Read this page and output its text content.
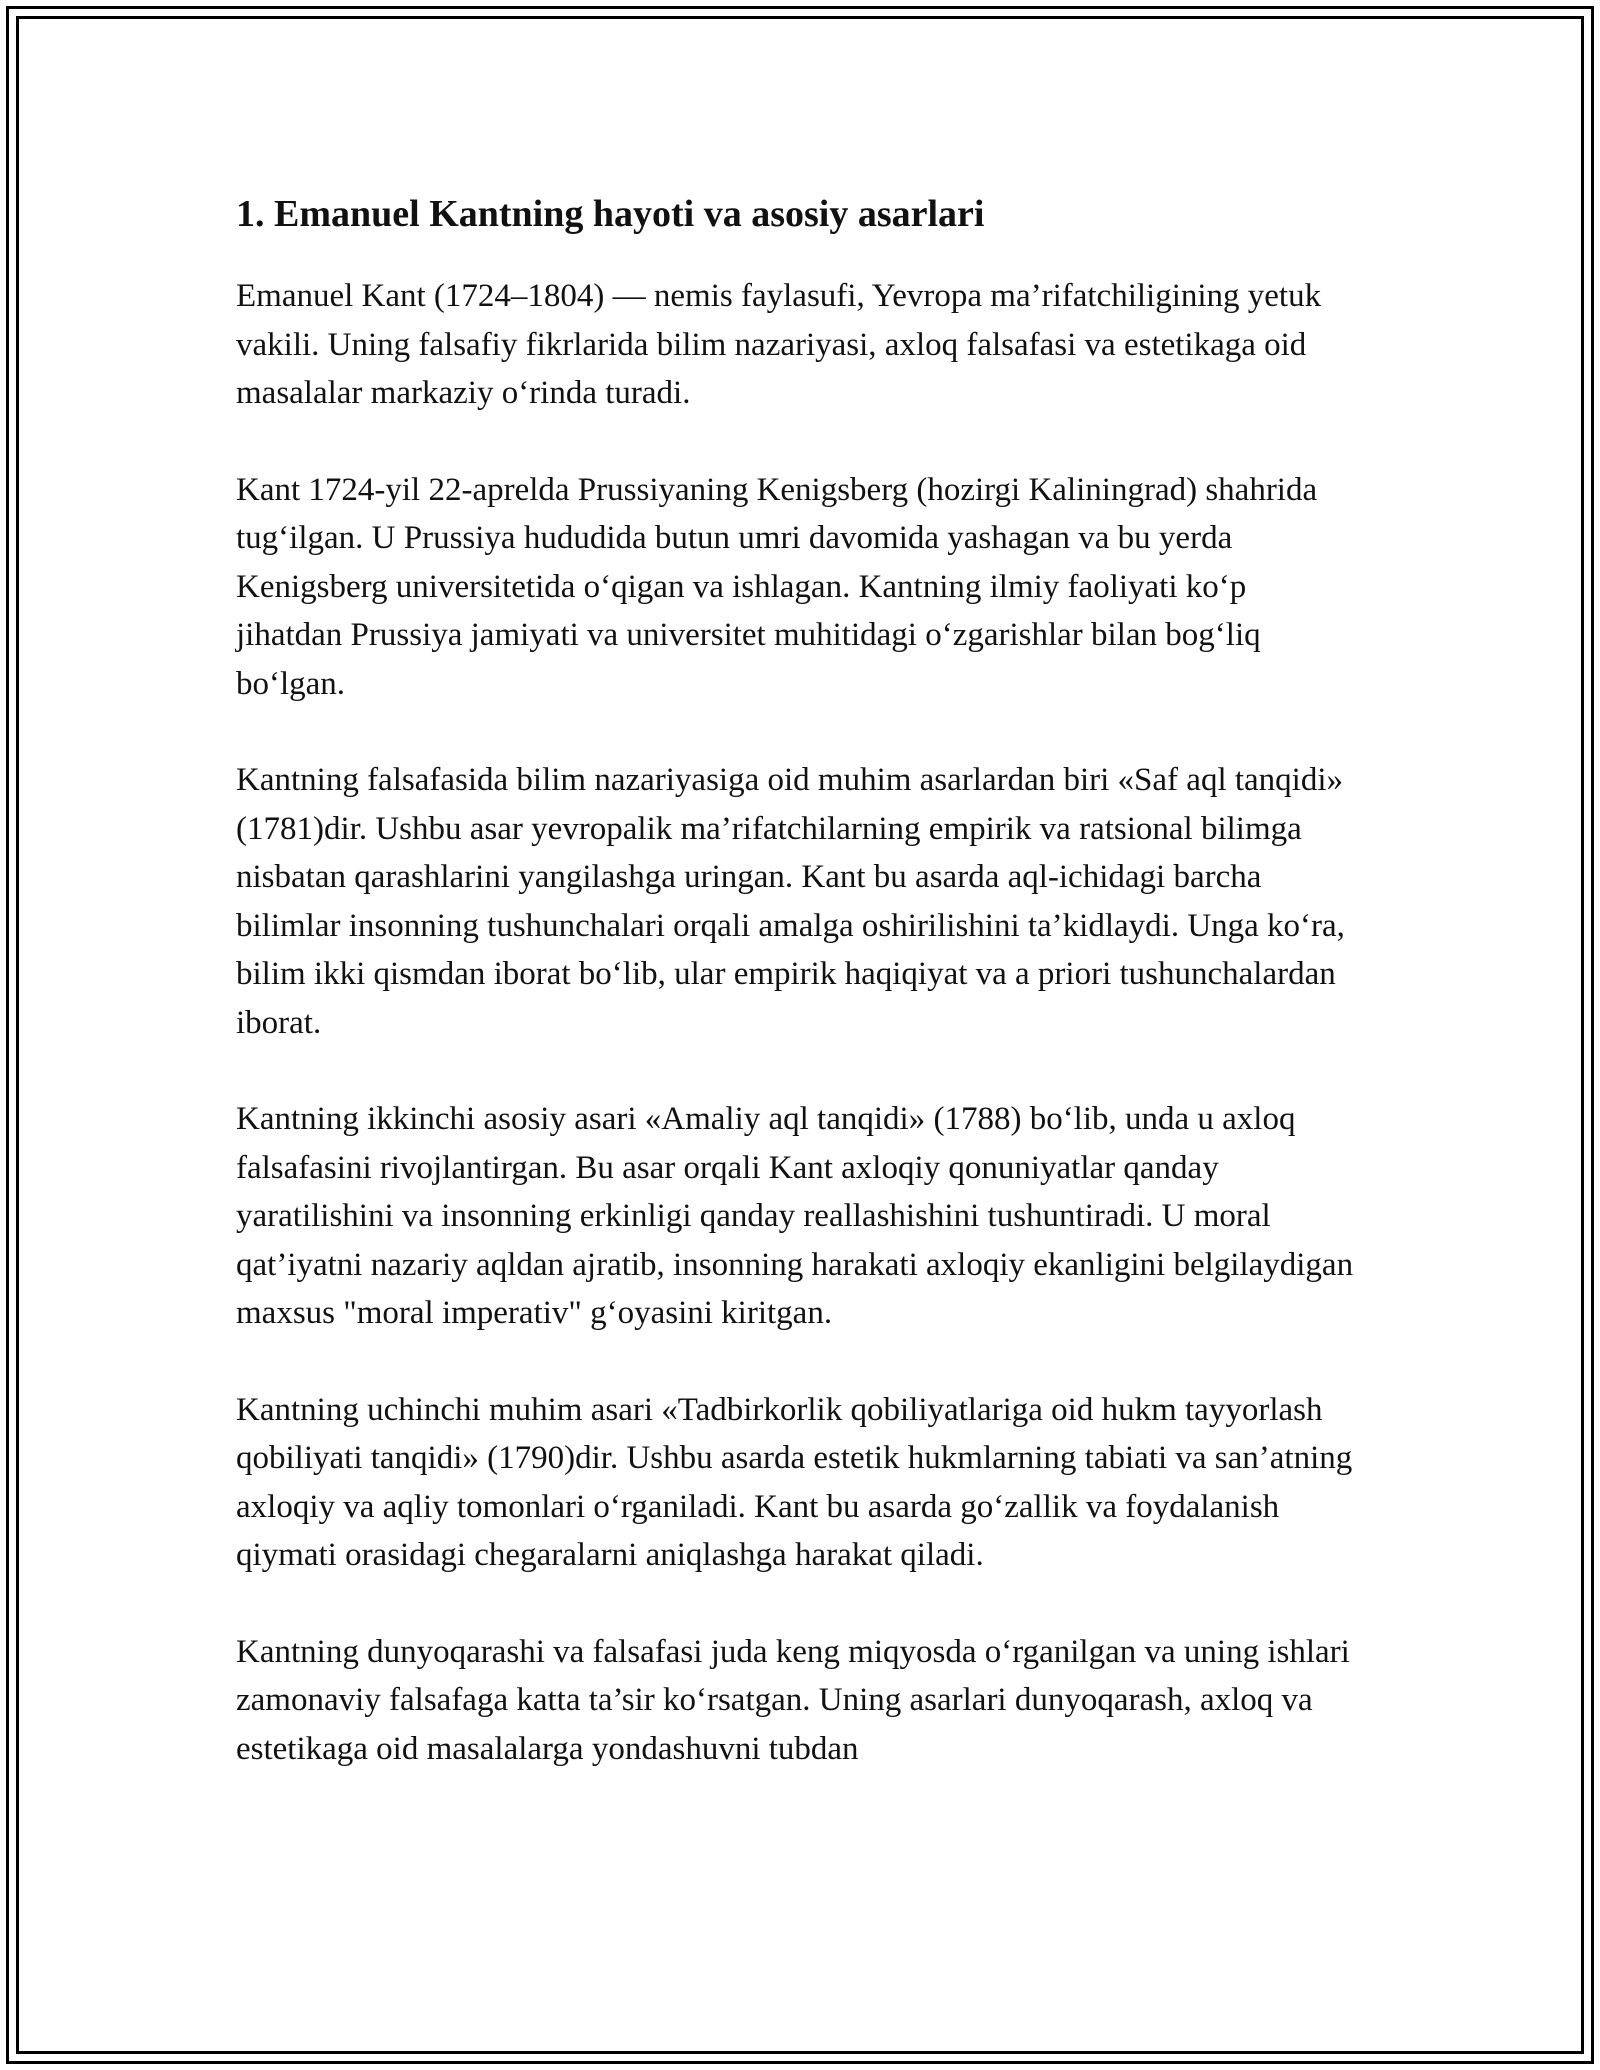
1. Emanuel Kantning hayoti va asosiy asarlari

Emanuel Kant (1724–1804) — nemis faylasufi, Yevropa ma’rifatchiligining yetuk vakili. Uning falsafiy fikrlarida bilim nazariyasi, axloq falsafasi va estetikaga oid masalalar markaziy o‘rinda turadi.

Kant 1724-yil 22-aprelda Prussiyaning Kenigsberg (hozirgi Kaliningrad) shahrida tug‘ilgan. U Prussiya hududida butun umri davomida yashagan va bu yerda Kenigsberg universitetida o‘qigan va ishlagan. Kantning ilmiy faoliyati ko‘p jihatdan Prussiya jamiyati va universitet muhitidagi o‘zgarishlar bilan bog‘liq bo‘lgan.

Kantning falsafasida bilim nazariyasiga oid muhim asarlardan biri «Saf aql tanqidi» (1781)dir. Ushbu asar yevropalik ma’rifatchilarning empirik va ratsional bilimga nisbatan qarashlarini yangilashga uringan. Kant bu asarda aql-ichidagi barcha bilimlar insonning tushunchalari orqali amalga oshirilishini ta’kidlaydi. Unga ko‘ra, bilim ikki qismdan iborat bo‘lib, ular empirik haqiqiyat va a priori tushunchalardan iborat.

Kantning ikkinchi asosiy asari «Amaliy aql tanqidi» (1788) bo‘lib, unda u axloq falsafasini rivojlantirgan. Bu asar orqali Kant axloqiy qonuniyatlar qanday yaratilishini va insonning erkinligi qanday reallashishini tushuntiradi. U moral qat’iyatni nazariy aqldan ajratib, insonning harakati axloqiy ekanligini belgilaydigan maxsus "moral imperativ" g‘oyasini kiritgan.

Kantning uchinchi muhim asari «Tadbirkorlik qobiliyatlariga oid hukm tayyorlash qobiliyati tanqidi» (1790)dir. Ushbu asarda estetik hukmlarning tabiati va san’atning axloqiy va aqliy tomonlari o‘rganiladi. Kant bu asarda go‘zallik va foydalanish qiymati orasidagi chegaralarni aniqlashga harakat qiladi.

Kantning dunyoqarashi va falsafasi juda keng miqyosda o‘rganilgan va uning ishlari zamonaviy falsafaga katta ta’sir ko‘rsatgan. Uning asarlari dunyoqarash, axloq va estetikaga oid masalalarga yondashuvni tubdan
